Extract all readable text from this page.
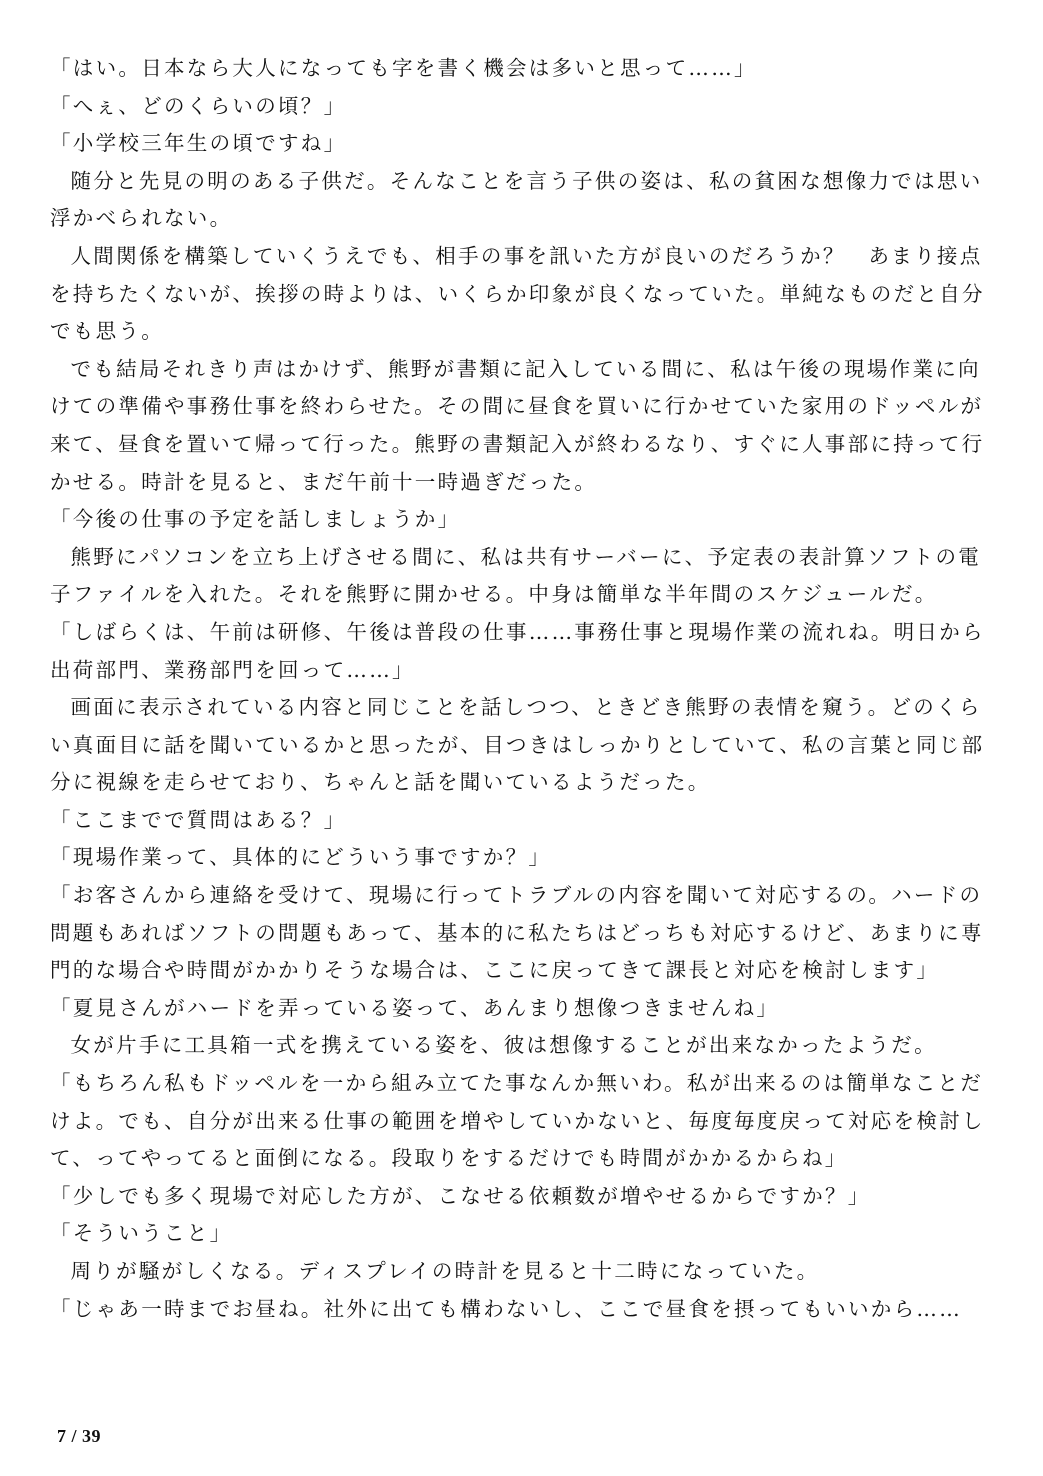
「はい。日本なら大人になっても字を書く機会は多いと思って……」

「へぇ、どのくらいの頃？」

「小学校三年生の頃ですね」

随分と先見の明のある子供だ。そんなことを言う子供の姿は、私の貧困な想像力では思い浮かべられない。

人間関係を構築していくうえでも、相手の事を訊いた方が良いのだろうか？　あまり接点を持ちたくないが、挨拶の時よりは、いくらか印象が良くなっていた。単純なものだと自分でも思う。

でも結局それきり声はかけず、熊野が書類に記入している間に、私は午後の現場作業に向けての準備や事務仕事を終わらせた。その間に昼食を買いに行かせていた家用のドッペルが来て、昼食を置いて帰って行った。熊野の書類記入が終わるなり、すぐに人事部に持って行かせる。時計を見ると、まだ午前十一時過ぎだった。

「今後の仕事の予定を話しましょうか」

熊野にパソコンを立ち上げさせる間に、私は共有サーバーに、予定表の表計算ソフトの電子ファイルを入れた。それを熊野に開かせる。中身は簡単な半年間のスケジュールだ。

「しばらくは、午前は研修、午後は普段の仕事……事務仕事と現場作業の流れね。明日から出荷部門、業務部門を回って……」

画面に表示されている内容と同じことを話しつつ、ときどき熊野の表情を窺う。どのくらい真面目に話を聞いているかと思ったが、目つきはしっかりとしていて、私の言葉と同じ部分に視線を走らせており、ちゃんと話を聞いているようだった。

「ここまでで質問はある？」

「現場作業って、具体的にどういう事ですか？」

「お客さんから連絡を受けて、現場に行ってトラブルの内容を聞いて対応するの。ハードの問題もあればソフトの問題もあって、基本的に私たちはどっちも対応するけど、あまりに専門的な場合や時間がかかりそうな場合は、ここに戻ってきて課長と対応を検討します」

「夏見さんがハードを弄っている姿って、あんまり想像つきませんね」

女が片手に工具箱一式を携えている姿を、彼は想像することが出来なかったようだ。

「もちろん私もドッペルを一から組み立てた事なんか無いわ。私が出来るのは簡単なことだけよ。でも、自分が出来る仕事の範囲を増やしていかないと、毎度毎度戻って対応を検討して、ってやってると面倒になる。段取りをするだけでも時間がかかるからね」

「少しでも多く現場で対応した方が、こなせる依頼数が増やせるからですか？」

「そういうこと」

周りが騒がしくなる。ディスプレイの時計を見ると十二時になっていた。

「じゃあ一時までお昼ね。社外に出ても構わないし、ここで昼食を摂ってもいいから……

7 / 39
